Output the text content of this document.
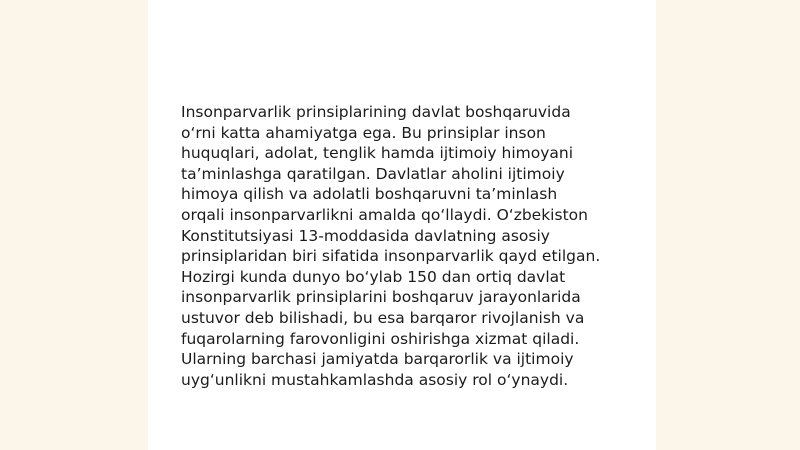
Insonparvarlik prinsiplarining davlat boshqaruvida
o‘rni katta ahamiyatga ega. Bu prinsiplar inson
huquqlari, adolat, tenglik hamda ijtimoiy himoyani
ta’minlashga qaratilgan. Davlatlar aholini ijtimoiy
himoya qilish va adolatli boshqaruvni ta’minlash
orqali insonparvarlikni amalda qo‘llaydi. O‘zbekiston
Konstitutsiyasi 13-moddasida davlatning asosiy
prinsiplaridan biri sifatida insonparvarlik qayd etilgan.
Hozirgi kunda dunyo bo‘ylab 150 dan ortiq davlat
insonparvarlik prinsiplarini boshqaruv jarayonlarida
ustuvor deb bilishadi, bu esa barqaror rivojlanish va
fuqarolarning farovonligini oshirishga xizmat qiladi.
Ularning barchasi jamiyatda barqarorlik va ijtimoiy
uyg‘unlikni mustahkamlashda asosiy rol o‘ynaydi.
